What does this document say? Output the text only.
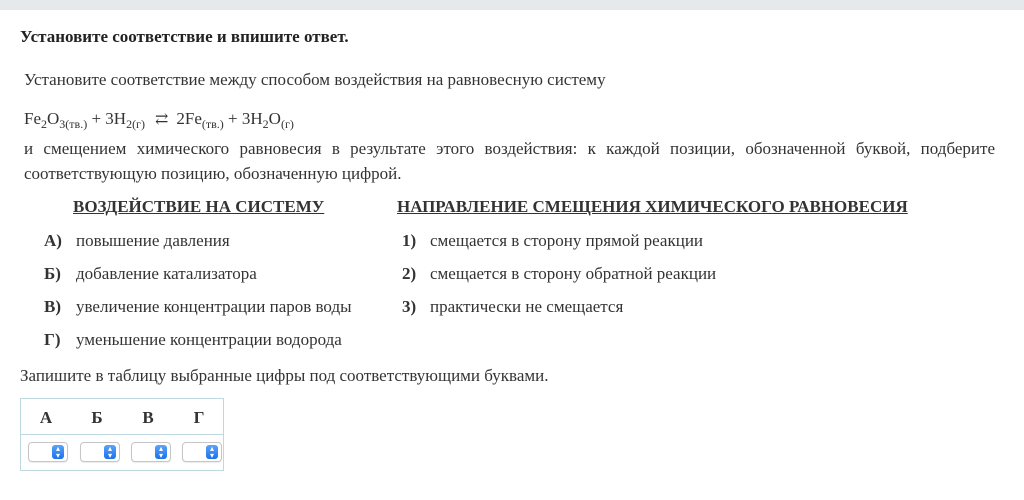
Установите соответствие и впишите ответ.
Установите соответствие между способом воздействия на равновесную систему
$Fe_2O_{3(тв.)} + 3H_{2(г)}$ ⇄ $2Fe_{(тв.)} + 3H_2O_{(г)}$
и смещением химического равновесия в результате этого воздействия: к каждой позиции, обозначенной буквой, подберите соответствующую позицию, обозначенную цифрой.
ВОЗДЕЙСТВИЕ НА СИСТЕМУ	НАПРАВЛЕНИЕ СМЕЩЕНИЯ ХИМИЧЕСКОГО РАВНОВЕСИЯ
А) повышение давления
Б) добавление катализатора
В) увеличение концентрации паров воды
Г) уменьшение концентрации водорода
1) смещается в сторону прямой реакции
2) смещается в сторону обратной реакции
3) практически не смещается
Запишите в таблицу выбранные цифры под соответствующими буквами.
А	Б	В	Г
▴
▾
▴
▾
▴
▾
▴
▾
